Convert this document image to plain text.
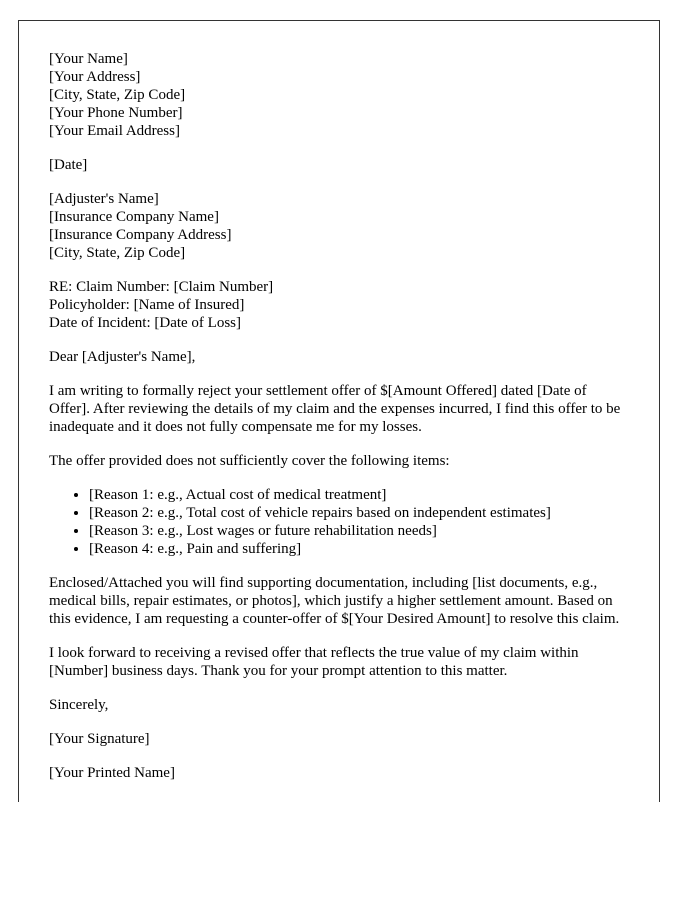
[Your Name]
[Your Address]
[City, State, Zip Code]
[Your Phone Number]
[Your Email Address]
[Date]
[Adjuster's Name]
[Insurance Company Name]
[Insurance Company Address]
[City, State, Zip Code]
RE: Claim Number: [Claim Number]
Policyholder: [Name of Insured]
Date of Incident: [Date of Loss]

Dear [Adjuster's Name],

I am writing to formally reject your settlement offer of $[Amount Offered] dated [Date of Offer]. After reviewing the details of my claim and the expenses incurred, I find this offer to be inadequate and it does not fully compensate me for my losses.

The offer provided does not sufficiently cover the following items:

• [Reason 1: e.g., Actual cost of medical treatment]
• [Reason 2: e.g., Total cost of vehicle repairs based on independent estimates]
• [Reason 3: e.g., Lost wages or future rehabilitation needs]
• [Reason 4: e.g., Pain and suffering]

Enclosed/Attached you will find supporting documentation, including [list documents, e.g., medical bills, repair estimates, or photos], which justify a higher settlement amount. Based on this evidence, I am requesting a counter-offer of $[Your Desired Amount] to resolve this claim.

I look forward to receiving a revised offer that reflects the true value of my claim within [Number] business days. Thank you for your prompt attention to this matter.

Sincerely,

[Your Signature]

[Your Printed Name]
